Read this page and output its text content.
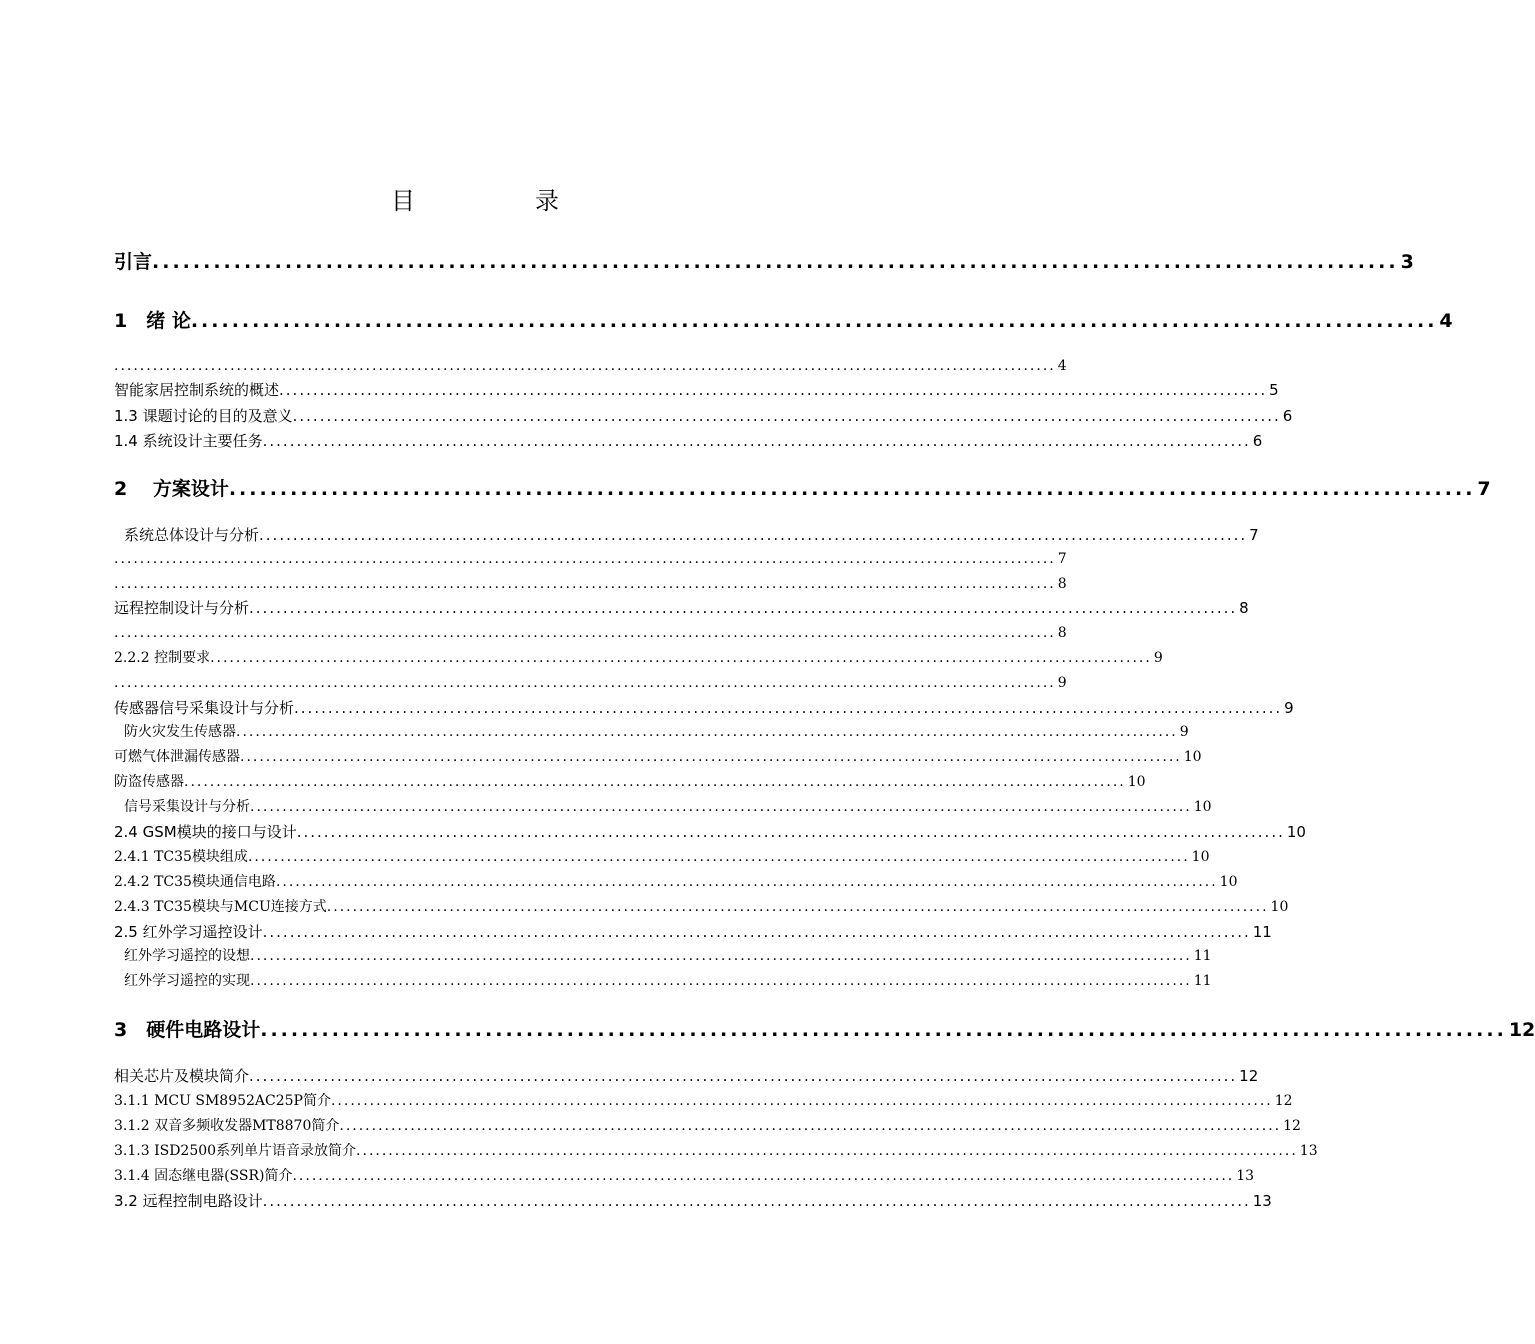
目　录
引言 .......................................................................................................................... 3
1　绪 论 .......................................................................................................................... 4
.................................................................................................................................................. 4
智能家居控制系统的概述 .................................................................................................................................................. 5
1.3 课题讨论的目的及意义 .................................................................................................................................................. 6
1.4 系统设计主要任务 .................................................................................................................................................. 6
2　 方案设计 .......................................................................................................................... 7
系统总体设计与分析 .................................................................................................................................................. 7
.................................................................................................................................................. 7
.................................................................................................................................................. 8
远程控制设计与分析 .................................................................................................................................................. 8
.................................................................................................................................................. 8
2.2.2 控制要求 .................................................................................................................................................. 9
.................................................................................................................................................. 9
传感器信号采集设计与分析 .................................................................................................................................................. 9
防火灾发生传感器 .................................................................................................................................................. 9
可燃气体泄漏传感器 .................................................................................................................................................. 10
防盗传感器 .................................................................................................................................................. 10
信号采集设计与分析 .................................................................................................................................................. 10
2.4 GSM模块的接口与设计 .................................................................................................................................................. 10
2.4.1 TC35模块组成 .................................................................................................................................................. 10
2.4.2 TC35模块通信电路 .................................................................................................................................................. 10
2.4.3 TC35模块与MCU连接方式 .................................................................................................................................................. 10
2.5 红外学习遥控设计 .................................................................................................................................................. 11
红外学习遥控的设想 .................................................................................................................................................. 11
红外学习遥控的实现 .................................................................................................................................................. 11
3　硬件电路设计 .......................................................................................................................... 12
相关芯片及模块简介 .................................................................................................................................................. 12
3.1.1 MCU SM8952AC25P简介 .................................................................................................................................................. 12
3.1.2 双音多频收发器MT8870简介 .................................................................................................................................................. 12
3.1.3 ISD2500系列单片语音录放简介 .................................................................................................................................................. 13
3.1.4 固态继电器(SSR)简介 .................................................................................................................................................. 13
3.2 远程控制电路设计 .................................................................................................................................................. 13
